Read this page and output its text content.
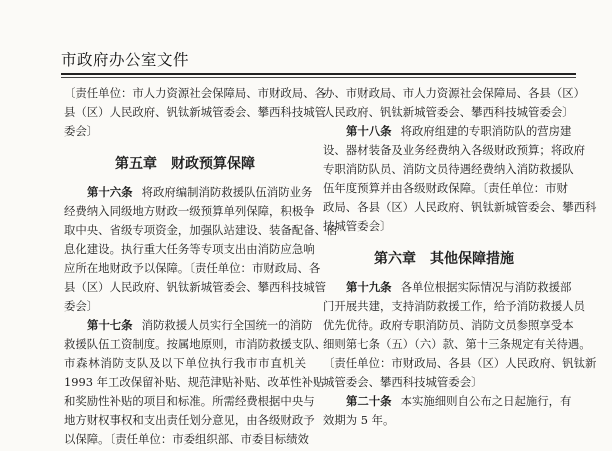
市政府办公室文件
〔责任单位：市人力资源社会保障局、市财政局、各
县（区）人民政府、钒钛新城管委会、攀西科技城管
委会〕
第五章　财政预算保障
第十六条 将政府编制消防救援队伍消防业务
经费纳入同级地方财政一级预算单列保障，积极争
取中央、省级专项资金，加强队站建设、装备配备、信
息化建设。执行重大任务等专项支出由消防应急响
应所在地财政予以保障。〔责任单位：市财政局、各
县（区）人民政府、钒钛新城管委会、攀西科技城管
委会〕
第十七条 消防救援人员实行全国统一的消防
救援队伍工资制度。按属地原则，市消防救援支队、
市森林消防支队及以下单位执行我市市直机关
1993 年工改保留补贴、规范津贴补贴、改革性补贴
和奖励性补贴的项目和标准。所需经费根据中央与
地方财权事权和支出责任划分意见，由各级财政予
以保障。〔责任单位：市委组织部、市委目标绩效
办、市财政局、市人力资源社会保障局、各县（区）
人民政府、钒钛新城管委会、攀西科技城管委会〕
第十八条 将政府组建的专职消防队的营房建
设、器材装备及业务经费纳入各级财政预算；将政府
专职消防队员、消防文员待遇经费纳入消防救援队
伍年度预算并由各级财政保障。〔责任单位：市财
政局、各县（区）人民政府、钒钛新城管委会、攀西科
技城管委会〕
第六章　其他保障措施
第十九条 各单位根据实际情况与消防救援部
门开展共建，支持消防救援工作，给予消防救援人员
优先优待。政府专职消防员、消防文员参照享受本
细则第七条（五）（六）款、第十三条规定有关待遇。
〔责任单位：市财政局、各县（区）人民政府、钒钛新
城管委会、攀西科技城管委会〕
第二十条 本实施细则自公布之日起施行，有
效期为 5 年。
